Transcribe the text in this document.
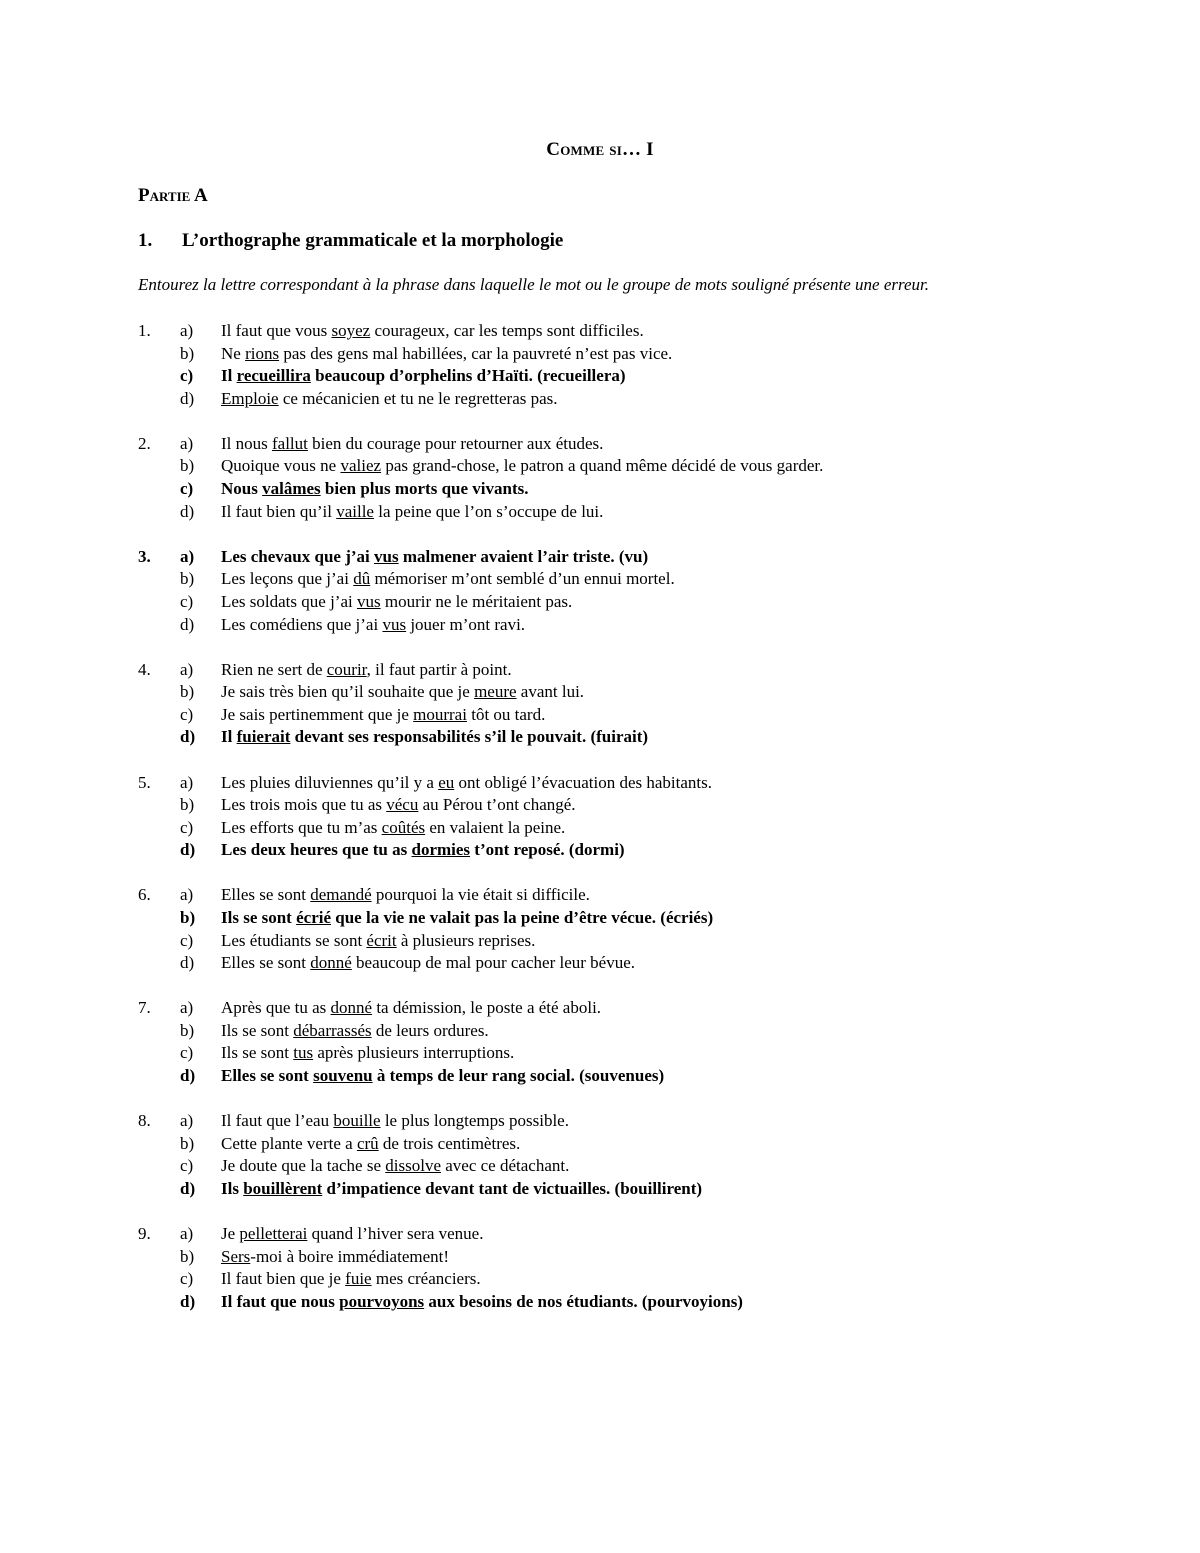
Comme si… I
Partie A
1. L’orthographe grammaticale et la morphologie
Entourez la lettre correspondant à la phrase dans laquelle le mot ou le groupe de mots souligné présente une erreur.
1. a) Il faut que vous soyez courageux, car les temps sont difficiles.
b) Ne rions pas des gens mal habillées, car la pauvreté n’est pas vice.
c) Il recueillira beaucoup d’orphelins d’Haïti. (recueillera)
d) Emploie ce mécanicien et tu ne le regretteras pas.
2. a) Il nous fallut bien du courage pour retourner aux études.
b) Quoique vous ne valiez pas grand-chose, le patron a quand même décidé de vous garder.
c) Nous valâmes bien plus morts que vivants.
d) Il faut bien qu’il vaille la peine que l’on s’occupe de lui.
3. a) Les chevaux que j’ai vus malmener avaient l’air triste. (vu)
b) Les leçons que j’ai dû mémoriser m’ont semblé d’un ennui mortel.
c) Les soldats que j’ai vus mourir ne le méritaient pas.
d) Les comédiens que j’ai vus jouer m’ont ravi.
4. a) Rien ne sert de courir, il faut partir à point.
b) Je sais très bien qu’il souhaite que je meure avant lui.
c) Je sais pertinemment que je mourrai tôt ou tard.
d) Il fuierait devant ses responsabilités s’il le pouvait. (fuirait)
5. a) Les pluies diluviennes qu’il y a eu ont obligé l’évacuation des habitants.
b) Les trois mois que tu as vécu au Pérou t’ont changé.
c) Les efforts que tu m’as coûtés en valaient la peine.
d) Les deux heures que tu as dormies t’ont reposé. (dormi)
6. a) Elles se sont demandé pourquoi la vie était si difficile.
b) Ils se sont écrié que la vie ne valait pas la peine d’être vécue. (écriés)
c) Les étudiants se sont écrit à plusieurs reprises.
d) Elles se sont donné beaucoup de mal pour cacher leur bévue.
7. a) Après que tu as donné ta démission, le poste a été aboli.
b) Ils se sont débarrassés de leurs ordures.
c) Ils se sont tus après plusieurs interruptions.
d) Elles se sont souvenu à temps de leur rang social. (souvenues)
8. a) Il faut que l’eau bouille le plus longtemps possible.
b) Cette plante verte a crû de trois centimètres.
c) Je doute que la tache se dissolve avec ce détachant.
d) Ils bouillèrent d’impatience devant tant de victuailles. (bouillirent)
9. a) Je pelletterai quand l’hiver sera venue.
b) Sers-moi à boire immédiatement!
c) Il faut bien que je fuie mes créanciers.
d) Il faut que nous pourvoyons aux besoins de nos étudiants. (pourvoyions)
